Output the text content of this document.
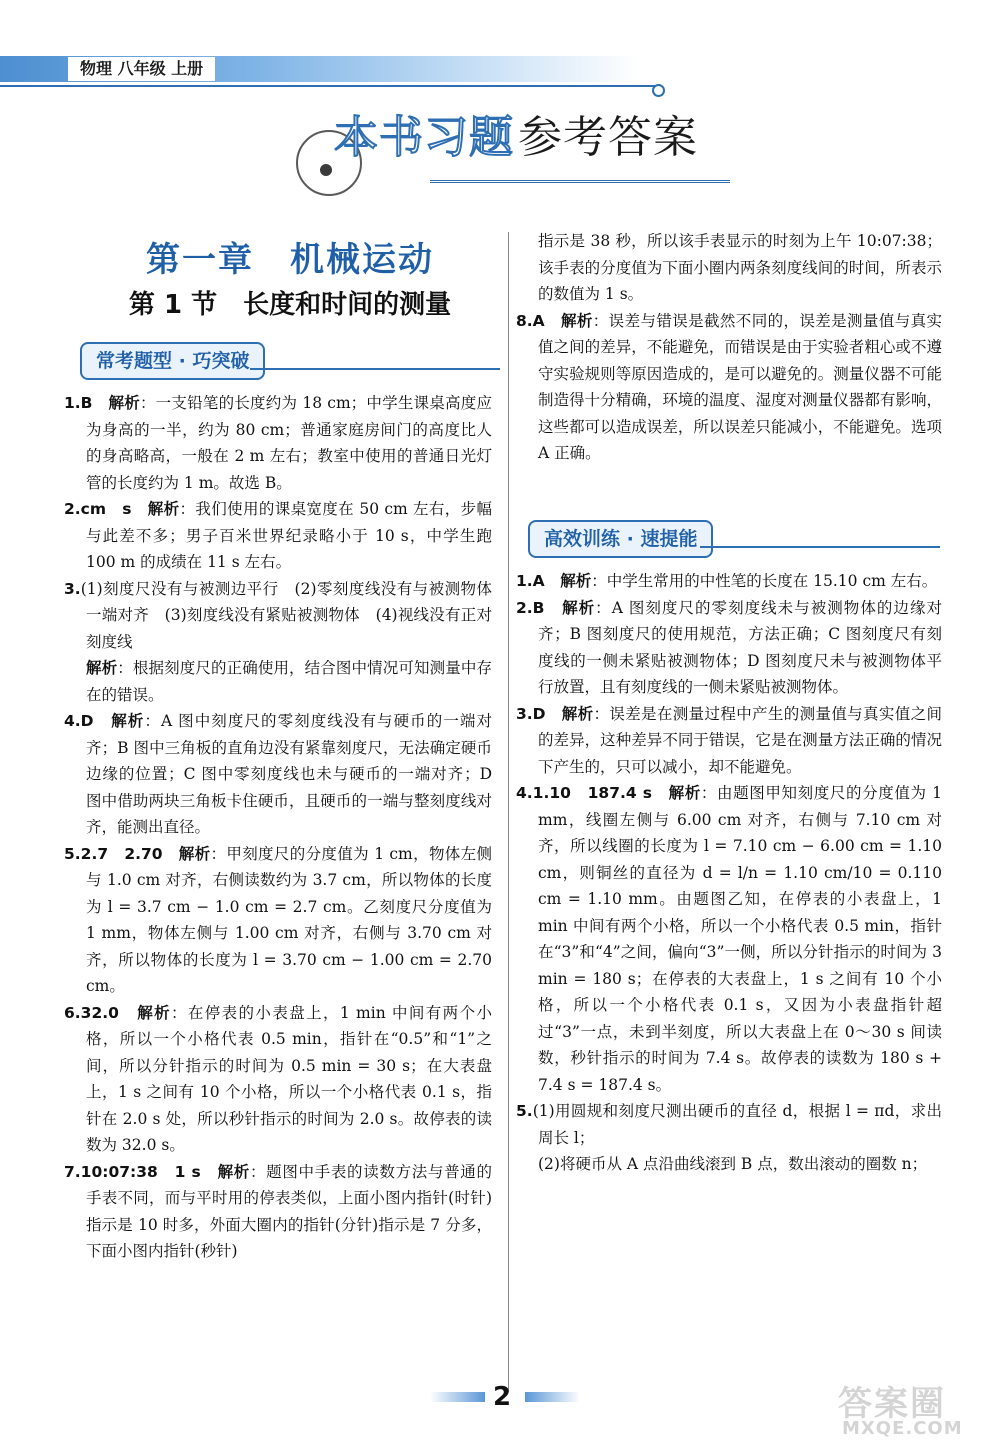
物理 八年级 上册
本书习题 参考答案
第一章　机械运动
第 1 节　长度和时间的测量
常考题型 · 巧突破
高效训练 · 速提能

1.B　 解析：一支铅笔的长度约为 18 cm；中学生课桌高度应为身高的一半，约为 80 cm；普通家庭房间门的高度比人的身高略高，一般在 2 m 左右；教室中使用的普通日光灯管的长度约为 1 m。故选 B。

2.cm　s　 解析：我们使用的课桌宽度在 50 cm 左右，步幅与此差不多；男子百米世界纪录略小于 10 s，中学生跑 100 m 的成绩在 11 s 左右。

3.(1)刻度尺没有与被测边平行　(2)零刻度线没有与被测物体一端对齐　(3)刻度线没有紧贴被测物体　(4)视线没有正对刻度线

解析：根据刻度尺的正确使用，结合图中情况可知测量中存在的错误。

4.D　 解析：A 图中刻度尺的零刻度线没有与硬币的一端对齐；B 图中三角板的直角边没有紧靠刻度尺，无法确定硬币边缘的位置；C 图中零刻度线也未与硬币的一端对齐；D 图中借助两块三角板卡住硬币，且硬币的一端与整刻度线对齐，能测出直径。

5.2.7　2.70　 解析：甲刻度尺的分度值为 1 cm，物体左侧与 1.0 cm 对齐，右侧读数约为 3.7 cm，所以物体的长度为 l = 3.7 cm − 1.0 cm = 2.7 cm。乙刻度尺分度值为 1 mm，物体左侧与 1.00 cm 对齐，右侧与 3.70 cm 对齐，所以物体的长度为 l = 3.70 cm − 1.00 cm = 2.70 cm。

6.32.0　 解析：在停表的小表盘上，1 min 中间有两个小格，所以一个小格代表 0.5 min，指针在“0.5”和“1”之间，所以分针指示的时间为 0.5 min = 30 s；在大表盘上，1 s 之间有 10 个小格，所以一个小格代表 0.1 s，指针在 2.0 s 处，所以秒针指示的时间为 2.0 s。故停表的读数为 32.0 s。

7.10:07:38　1 s　 解析：题图中手表的读数方法与普通的手表不同，而与平时用的停表类似，上面小图内指针(时针)指示是 10 时多，外面大圈内的指针(分针)指示是 7 分多，下面小图内指针(秒针)

指示是 38 秒，所以该手表显示的时刻为上午 10:07:38；该手表的分度值为下面小圈内两条刻度线间的时间，所表示的数值为 1 s。

8.A　 解析：误差与错误是截然不同的，误差是测量值与真实值之间的差异，不能避免，而错误是由于实验者粗心或不遵守实验规则等原因造成的，是可以避免的。测量仪器不可能制造得十分精确，环境的温度、湿度对测量仪器都有影响，这些都可以造成误差，所以误差只能减小，不能避免。选项 A 正确。

1.A　 解析：中学生常用的中性笔的长度在 15.10 cm 左右。

2.B　 解析：A 图刻度尺的零刻度线未与被测物体的边缘对齐；B 图刻度尺的使用规范，方法正确；C 图刻度尺有刻度线的一侧未紧贴被测物体；D 图刻度尺未与被测物体平行放置，且有刻度线的一侧未紧贴被测物体。

3.D　 解析：误差是在测量过程中产生的测量值与真实值之间的差异，这种差异不同于错误，它是在测量方法正确的情况下产生的，只可以减小，却不能避免。

4.1.10　187.4 s　 解析：由题图甲知刻度尺的分度值为 1 mm，线圈左侧与 6.00 cm 对齐，右侧与 7.10 cm 对齐，所以线圈的长度为 l = 7.10 cm − 6.00 cm = 1.10 cm，则铜丝的直径为 d = l/n = 1.10 cm/10 = 0.110 cm = 1.10 mm。由题图乙知，在停表的小表盘上，1 min 中间有两个小格，所以一个小格代表 0.5 min，指针在“3”和“4”之间，偏向“3”一侧，所以分针指示的时间为 3 min = 180 s；在停表的大表盘上，1 s 之间有 10 个小格，所以一个小格代表 0.1 s，又因为小表盘指针超过“3”一点，未到半刻度，所以大表盘上在 0～30 s 间读数，秒针指示的时间为 7.4 s。故停表的读数为 180 s + 7.4 s = 187.4 s。

5.(1)用圆规和刻度尺测出硬币的直径 d，根据 l = πd，求出周长 l；

(2)将硬币从 A 点沿曲线滚到 B 点，数出滚动的圈数 n；

2	答案圈
MXQE.COM
